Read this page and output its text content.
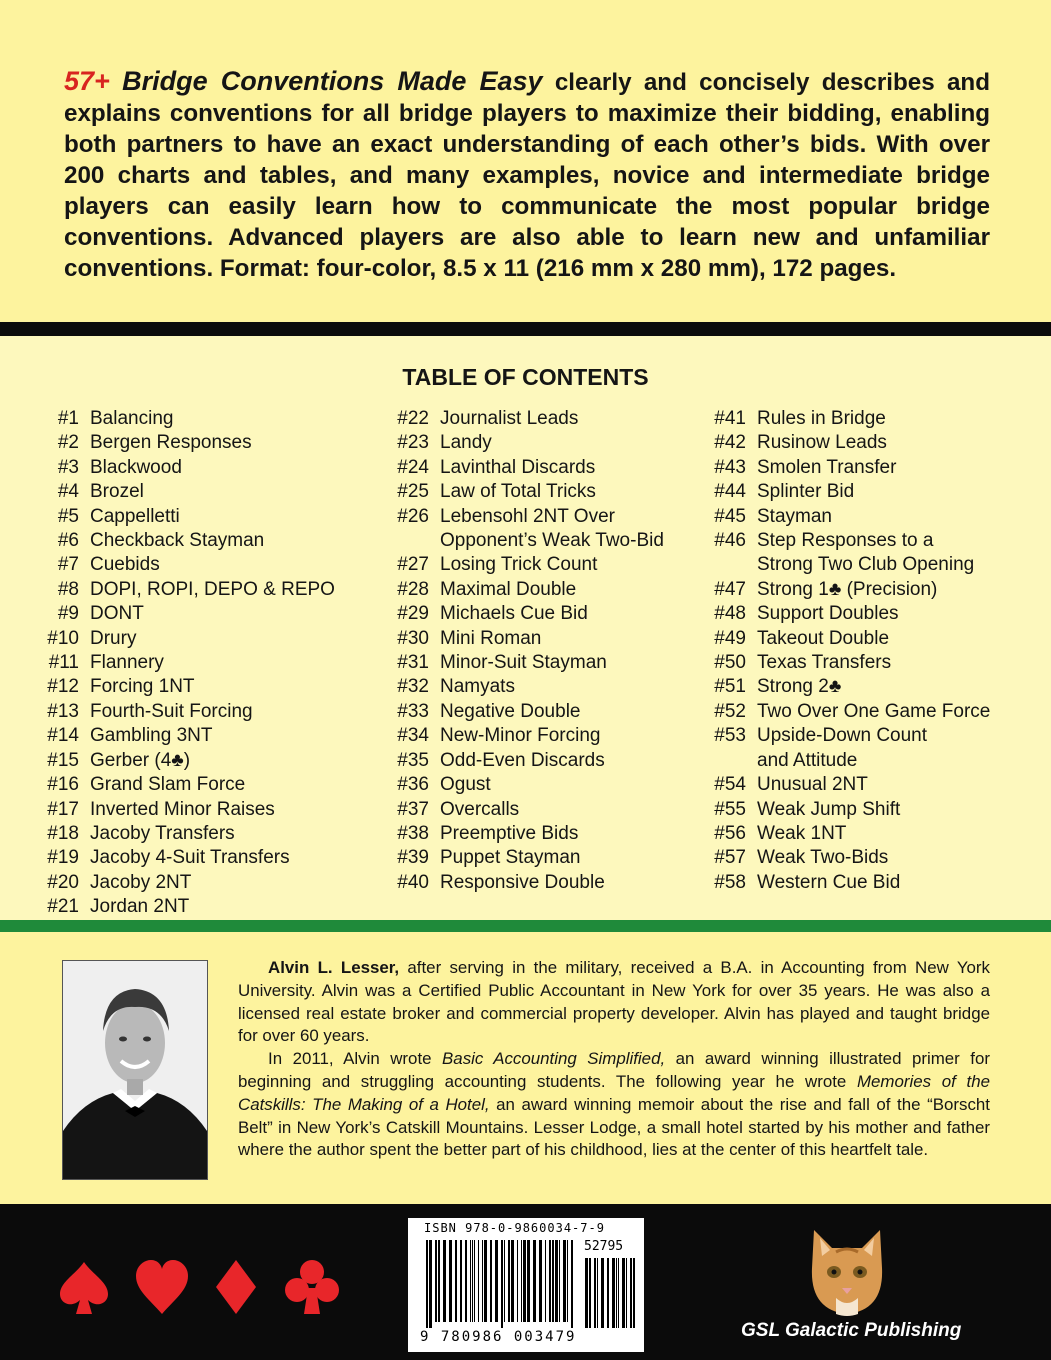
57+ Bridge Conventions Made Easy clearly and concisely describes and explains conventions for all bridge players to maximize their bidding, enabling both partners to have an exact understanding of each other’s bids. With over 200 charts and tables, and many examples, novice and intermediate bridge players can easily learn how to communicate the most popular bridge conventions. Advanced players are also able to learn new and unfamiliar conventions. Format: four-color, 8.5 x 11 (216 mm x 280 mm), 172 pages.

TABLE OF CONTENTS
#1 Balancing
#2 Bergen Responses
#3 Blackwood
#4 Brozel
#5 Cappelletti
#6 Checkback Stayman
#7 Cuebids
#8 DOPI, ROPI, DEPO & REPO
#9 DONT
#10 Drury
#11 Flannery
#12 Forcing 1NT
#13 Fourth-Suit Forcing
#14 Gambling 3NT
#15 Gerber (4♣)
#16 Grand Slam Force
#17 Inverted Minor Raises
#18 Jacoby Transfers
#19 Jacoby 4-Suit Transfers
#20 Jacoby 2NT
#21 Jordan 2NT
#22 Journalist Leads
#23 Landy
#24 Lavinthal Discards
#25 Law of Total Tricks
#26 Lebensohl 2NT Over
Opponent’s Weak Two-Bid
#27 Losing Trick Count
#28 Maximal Double
#29 Michaels Cue Bid
#30 Mini Roman
#31 Minor-Suit Stayman
#32 Namyats
#33 Negative Double
#34 New-Minor Forcing
#35 Odd-Even Discards
#36 Ogust
#37 Overcalls
#38 Preemptive Bids
#39 Puppet Stayman
#40 Responsive Double
#41 Rules in Bridge
#42 Rusinow Leads
#43 Smolen Transfer
#44 Splinter Bid
#45 Stayman
#46 Step Responses to a
Strong Two Club Opening
#47 Strong 1♣ (Precision)
#48 Support Doubles
#49 Takeout Double
#50 Texas Transfers
#51 Strong 2♣
#52 Two Over One Game Force
#53 Upside-Down Count
and Attitude
#54 Unusual 2NT
#55 Weak Jump Shift
#56 Weak 1NT
#57 Weak Two-Bids
#58 Western Cue Bid

Alvin L. Lesser, after serving in the military, received a B.A. in Accounting from New York University. Alvin was a Certified Public Accountant in New York for over 35 years. He was also a licensed real estate broker and commercial property developer. Alvin has played and taught bridge for over 60 years.

In 2011, Alvin wrote Basic Accounting Simplified, an award winning illustrated primer for beginning and struggling accounting students. The following year he wrote Memories of the Catskills: The Making of a Hotel, an award winning memoir about the rise and fall of the “Borscht Belt” in New York’s Catskill Mountains. Lesser Lodge, a small hotel started by his mother and father where the author spent the better part of his childhood, lies at the center of this heartfelt tale.

ISBN 978-0-9860034-7-9
52795
9 780986 003479	GSL Galactic Publishing
